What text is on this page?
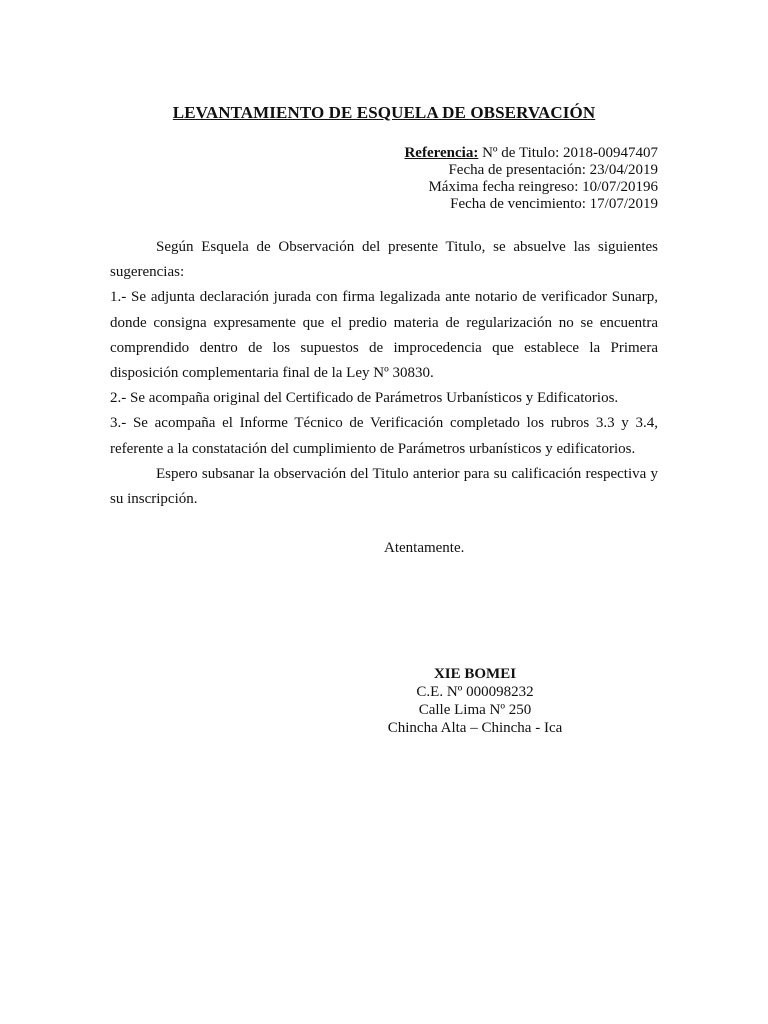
LEVANTAMIENTO DE ESQUELA DE OBSERVACIÓN
Referencia: Nº de Titulo: 2018-00947407
Fecha de presentación: 23/04/2019
Máxima fecha reingreso: 10/07/20196
Fecha de vencimiento: 17/07/2019

Según Esquela de Observación del presente Titulo, se absuelve las siguientes sugerencias:

1.- Se adjunta declaración jurada con firma legalizada ante notario de verificador Sunarp, donde consigna expresamente que el predio materia de regularización no se encuentra comprendido dentro de los supuestos de improcedencia que establece la Primera disposición complementaria final de la Ley Nº 30830.

2.- Se acompaña original del Certificado de Parámetros Urbanísticos y Edificatorios.

3.- Se acompaña el Informe Técnico de Verificación completado los rubros 3.3 y 3.4, referente a la constatación del cumplimiento de Parámetros urbanísticos y edificatorios.

Espero subsanar la observación del Titulo anterior para su calificación respectiva y su inscripción.

Atentamente.
XIE BOMEI
C.E. Nº 000098232
Calle Lima Nº 250
Chincha Alta – Chincha - Ica
